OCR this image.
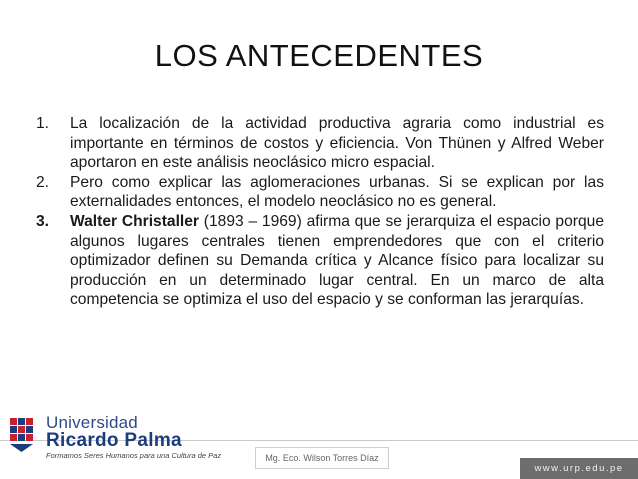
LOS ANTECEDENTES
1.	La localización de la actividad productiva agraria como industrial es importante en términos de costos y eficiencia. Von Thünen y Alfred Weber aportaron en este análisis neoclásico micro espacial.
2.	Pero como explicar las aglomeraciones urbanas. Si se explican por las externalidades entonces, el modelo neoclásico no es general.
3.	Walter Christaller (1893 – 1969) afirma que se jerarquiza el espacio porque algunos lugares centrales tienen emprendedores que con el criterio optimizador definen su Demanda crítica y Alcance físico para localizar su producción en un determinado lugar central. En un marco de alta competencia se optimiza el uso del espacio y se conforman las jerarquías.
Universidad
Ricardo Palma
Formamos Seres Humanos para una Cultura de Paz	Mg. Eco. Wilson Torres Díaz
www.urp.edu.pe
